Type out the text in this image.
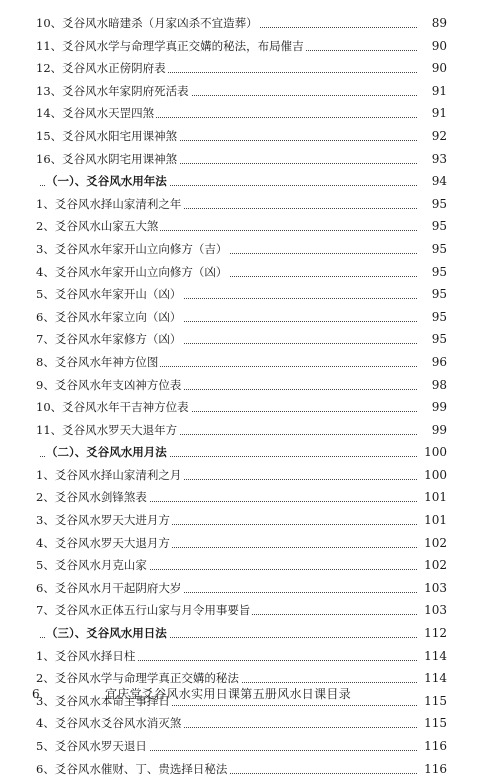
10、爻谷风水暗建杀（月家凶杀不宜造葬）	89
11、爻谷风水学与命理学真正交媾的秘法，布局催吉	90
12、爻谷风水正傍阴府表	90
13、爻谷风水年家阴府死活表	91
14、爻谷风水天罡四煞	91
15、爻谷风水阳宅用课神煞	92
16、爻谷风水阴宅用课神煞	93
（一）、爻谷风水用年法	94
1、爻谷风水择山家清利之年	95
2、爻谷风水山家五大煞	95
3、爻谷风水年家开山立向修方（吉）	95
4、爻谷风水年家开山立向修方（凶）	95
5、爻谷风水年家开山（凶）	95
6、爻谷风水年家立向（凶）	95
7、爻谷风水年家修方（凶）	95
8、爻谷风水年神方位图	96
9、爻谷风水年支凶神方位表	98
10、爻谷风水年干吉神方位表	99
11、爻谷风水罗天大退年方	99
（二）、爻谷风水用月法	100
1、爻谷风水择山家清利之月	100
2、爻谷风水剑锋煞表	101
3、爻谷风水罗天大进月方	101
4、爻谷风水罗天大退月方	102
5、爻谷风水月克山家	102
6、爻谷风水月干起阴府大岁	103
7、爻谷风水正体五行山家与月令用事要旨	103
（三）、爻谷风水用日法	112
1、爻谷风水择日柱	114
2、爻谷风水学与命理学真正交媾的秘法	114
3、爻谷风水本命主事择日	115
4、爻谷风水爻谷风水消灭煞	115
5、爻谷风水罗天退日	116
6、爻谷风水催财、丁、贵选择日秘法	116
6	宜庆堂爻谷风水实用日课第五册风水日课目录
